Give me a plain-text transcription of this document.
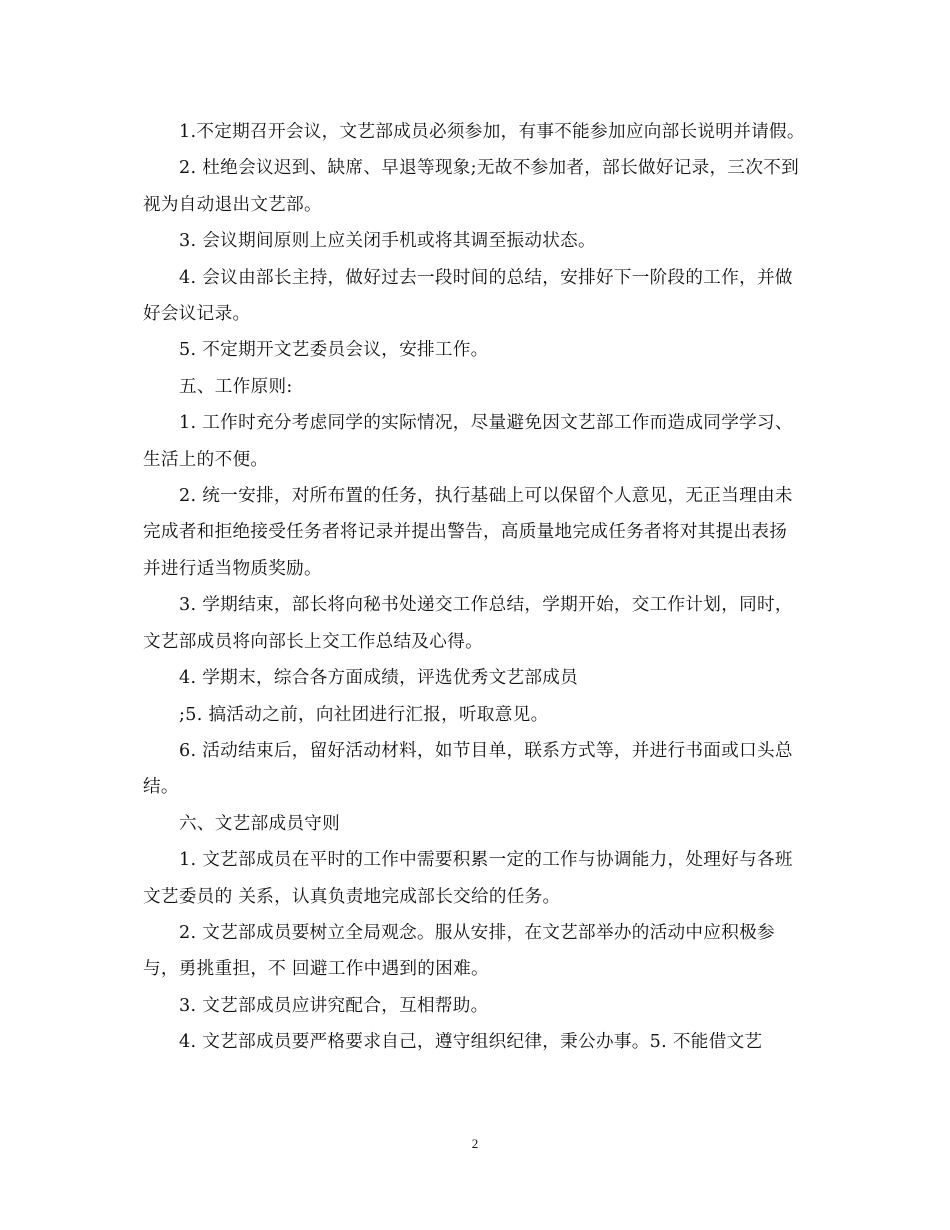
1.不定期召开会议，文艺部成员必须参加，有事不能参加应向部长说明并请假。

2. 杜绝会议迟到、缺席、早退等现象;无故不参加者，部长做好记录，三次不到视为自动退出文艺部。

3. 会议期间原则上应关闭手机或将其调至振动状态。

4. 会议由部长主持，做好过去一段时间的总结，安排好下一阶段的工作，并做好会议记录。

5. 不定期开文艺委员会议，安排工作。

五、工作原则:

1. 工作时充分考虑同学的实际情况，尽量避免因文艺部工作而造成同学学习、生活上的不便。

2. 统一安排，对所布置的任务，执行基础上可以保留个人意见，无正当理由未完成者和拒绝接受任务者将记录并提出警告，高质量地完成任务者将对其提出表扬并进行适当物质奖励。

3. 学期结束，部长将向秘书处递交工作总结，学期开始，交工作计划，同时，文艺部成员将向部长上交工作总结及心得。

4. 学期末，综合各方面成绩，评选优秀文艺部成员

;5. 搞活动之前，向社团进行汇报，听取意见。

6. 活动结束后，留好活动材料，如节目单，联系方式等，并进行书面或口头总结。

六、文艺部成员守则

1. 文艺部成员在平时的工作中需要积累一定的工作与协调能力，处理好与各班文艺委员的 关系，认真负责地完成部长交给的任务。

2. 文艺部成员要树立全局观念。服从安排，在文艺部举办的活动中应积极参与，勇挑重担，不 回避工作中遇到的困难。

3. 文艺部成员应讲究配合，互相帮助。

4. 文艺部成员要严格要求自己，遵守组织纪律，秉公办事。5. 不能借文艺

2
